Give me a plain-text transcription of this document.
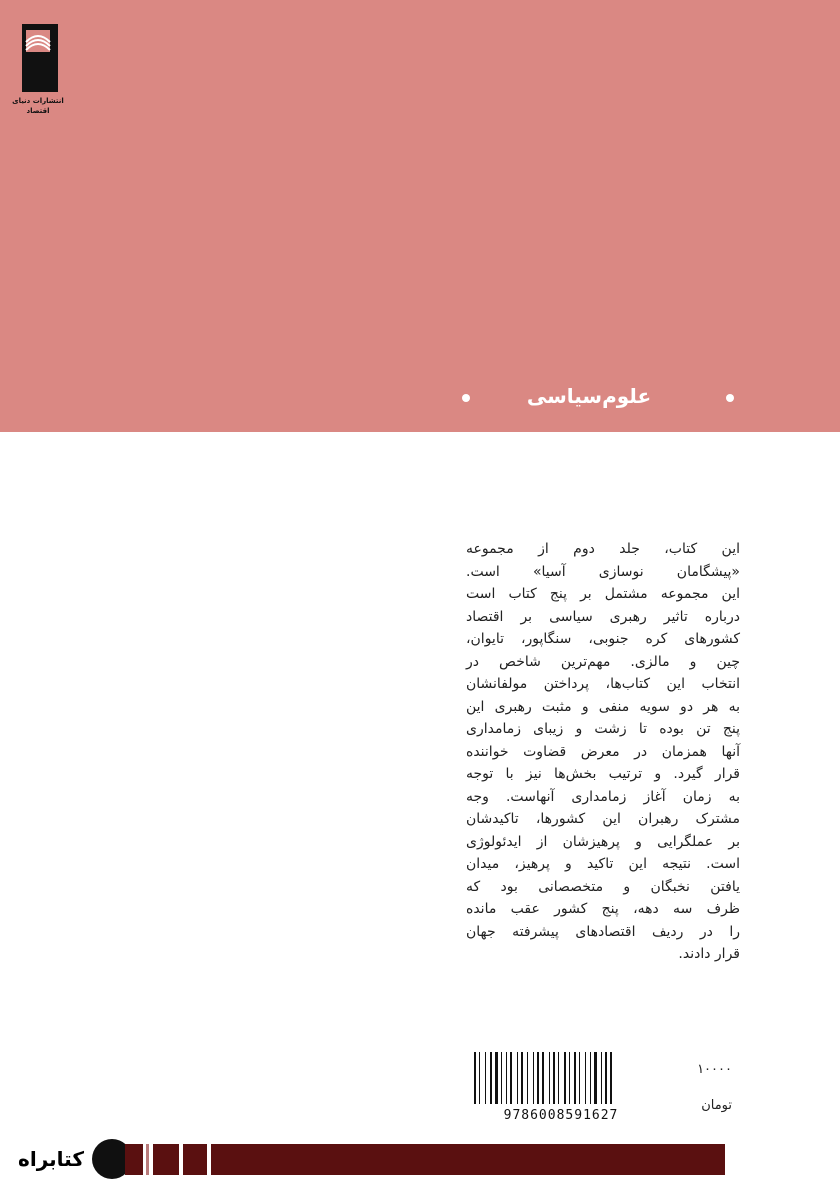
انتشارات دنیای اقتصاد
علوم‌سیاسی
این کتاب، جلد دوم از مجموعه
«پیشگامان نوسازی آسیا» است.
این مجموعه مشتمل بر پنج کتاب است
درباره تاثیر رهبری سیاسی بر اقتصاد
کشورهای کره جنوبی، سنگاپور، تایوان،
چین و مالزی. مهم‌ترین شاخص در
انتخاب این کتاب‌ها، پرداختن مولفانشان
به هر دو سویه منفی و مثبت رهبری این
پنج تن بوده تا زشت و زیبای زمامداری
آنها همزمان در معرض قضاوت خواننده
قرار گیرد. و ترتیب بخش‌ها نیز با توجه
به زمان آغاز زمامداری آنهاست. وجه
مشترک رهبران این کشورها، تاکیدشان
بر عملگرایی و پرهیزشان از ایدئولوژی
است. نتیجه این تاکید و پرهیز، میدان
یافتن نخبگان و متخصصانی بود که
ظرف سه دهه، پنج کشور عقب مانده
را در ردیف اقتصادهای پیشرفته جهان
قرار دادند.
9786008591627
۱۰۰۰۰
تومان
کتابراه
